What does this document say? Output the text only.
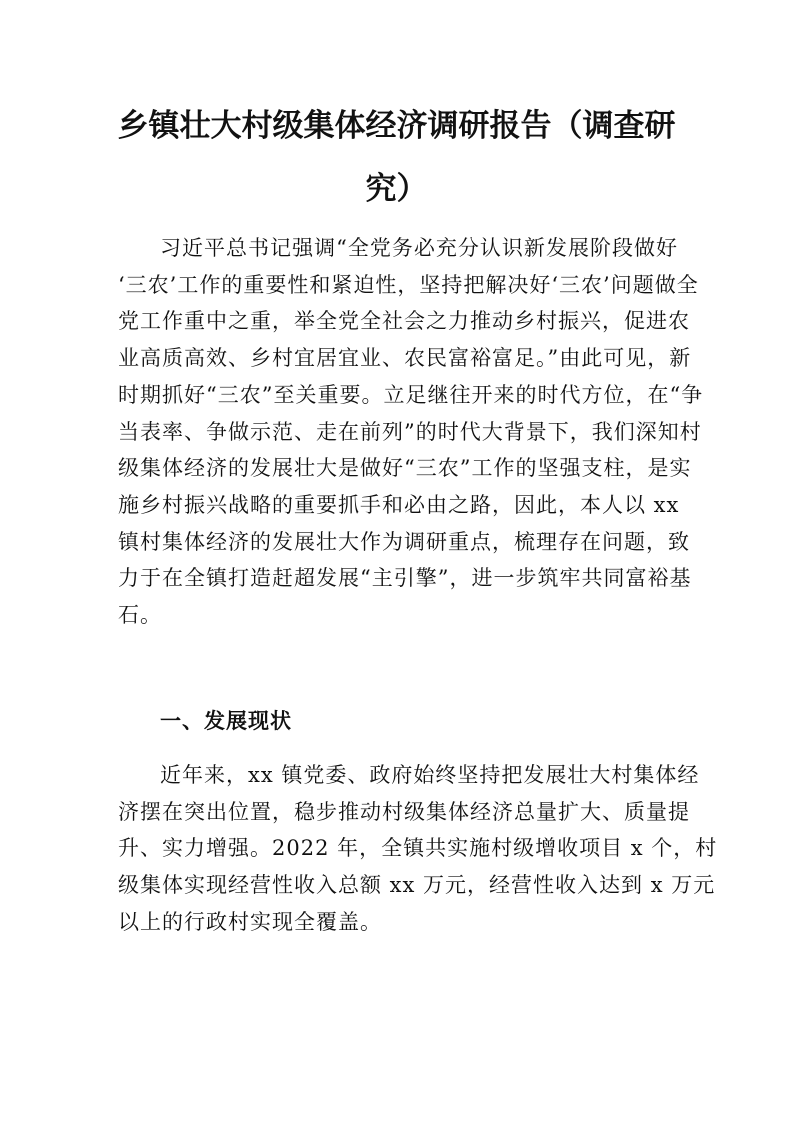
乡镇壮大村级集体经济调研报告（调查研
究）
习近平总书记强调“全党务必充分认识新发展阶段做好
‘三农’工作的重要性和紧迫性，坚持把解决好‘三农’问题做全
党工作重中之重，举全党全社会之力推动乡村振兴，促进农
业高质高效、乡村宜居宜业、农民富裕富足。”由此可见，新
时期抓好“三农”至关重要。立足继往开来的时代方位，在“争
当表率、争做示范、走在前列”的时代大背景下，我们深知村
级集体经济的发展壮大是做好“三农”工作的坚强支柱，是实
施乡村振兴战略的重要抓手和必由之路，因此，本人以 xx
镇村集体经济的发展壮大作为调研重点，梳理存在问题，致
力于在全镇打造赶超发展“主引擎”，进一步筑牢共同富裕基
石。
一、发展现状
近年来，xx 镇党委、政府始终坚持把发展壮大村集体经
济摆在突出位置，稳步推动村级集体经济总量扩大、质量提
升、实力增强。2022 年，全镇共实施村级增收项目 x 个，村
级集体实现经营性收入总额 xx 万元，经营性收入达到 x 万元
以上的行政村实现全覆盖。
